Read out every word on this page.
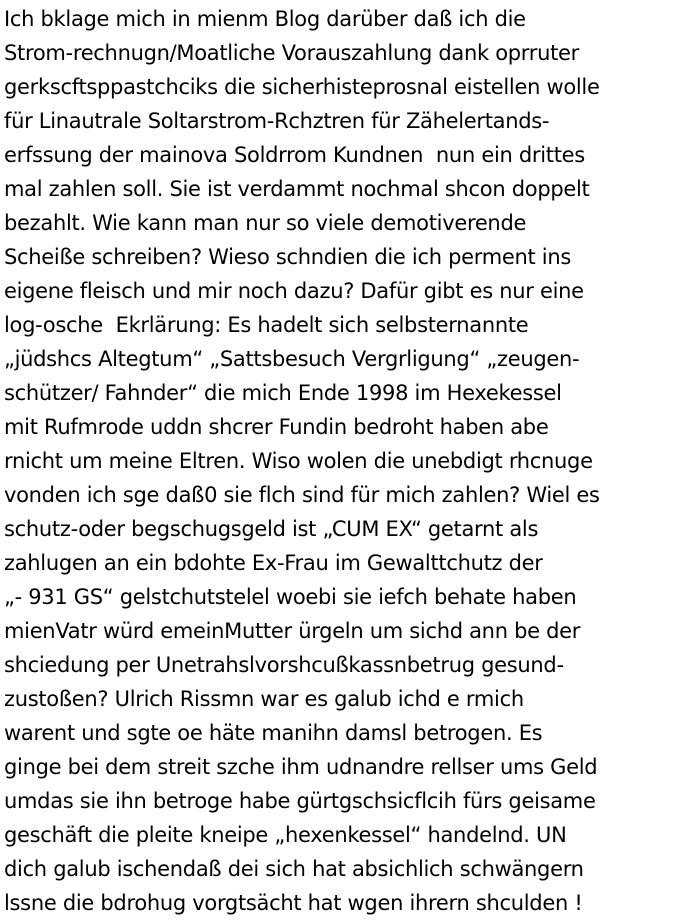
Ich bklage mich in mienm Blog darüber daß ich die
Strom-rechnugn/Moatliche Vorauszahlung dank oprruter
gerkscftsppastchciks die sicherhisteprosnal eistellen wolle
für Linautrale Soltarstrom-Rchztren für Zähelertands-
erfssung der mainova Soldrrom Kundnen  nun ein drittes
mal zahlen soll. Sie ist verdammt nochmal shcon doppelt
bezahlt. Wie kann man nur so viele demotiverende
Scheiße schreiben? Wieso schndien die ich perment ins
eigene fleisch und mir noch dazu? Dafür gibt es nur eine
log-osche  Ekrlärung: Es hadelt sich selbsternannte
„jüdshcs Altegtum“ „Sattsbesuch Vergrligung“ „zeugen-
schützer/ Fahnder“ die mich Ende 1998 im Hexekessel
mit Rufmrode uddn shcrer Fundin bedroht haben abe
rnicht um meine Eltren. Wiso wolen die unebdigt rhcnuge
vonden ich sge daß0 sie flch sind für mich zahlen? Wiel es
schutz-oder begschugsgeld ist „CUM EX“ getarnt als
zahlugen an ein bdohte Ex-Frau im Gewalttchutz der
„- 931 GS“ gelstchutstelel woebi sie iefch behate haben
mienVatr würd emeinMutter ürgeln um sichd ann be der
shciedung per Unetrahslvorshcußkassnbetrug gesund-
zustoßen? Ulrich Rissmn war es galub ichd e rmich
warent und sgte oe häte manihn damsl betrogen. Es
ginge bei dem streit szche ihm udnandre rellser ums Geld
umdas sie ihn betroge habe gürtgschsicflcih fürs geisame
geschäft die pleite kneipe „hexenkessel“ handelnd. UN
dich galub ischendaß dei sich hat absichlich schwängern
lssne die bdrohug vorgtsächt hat wgen ihrern shculden !
